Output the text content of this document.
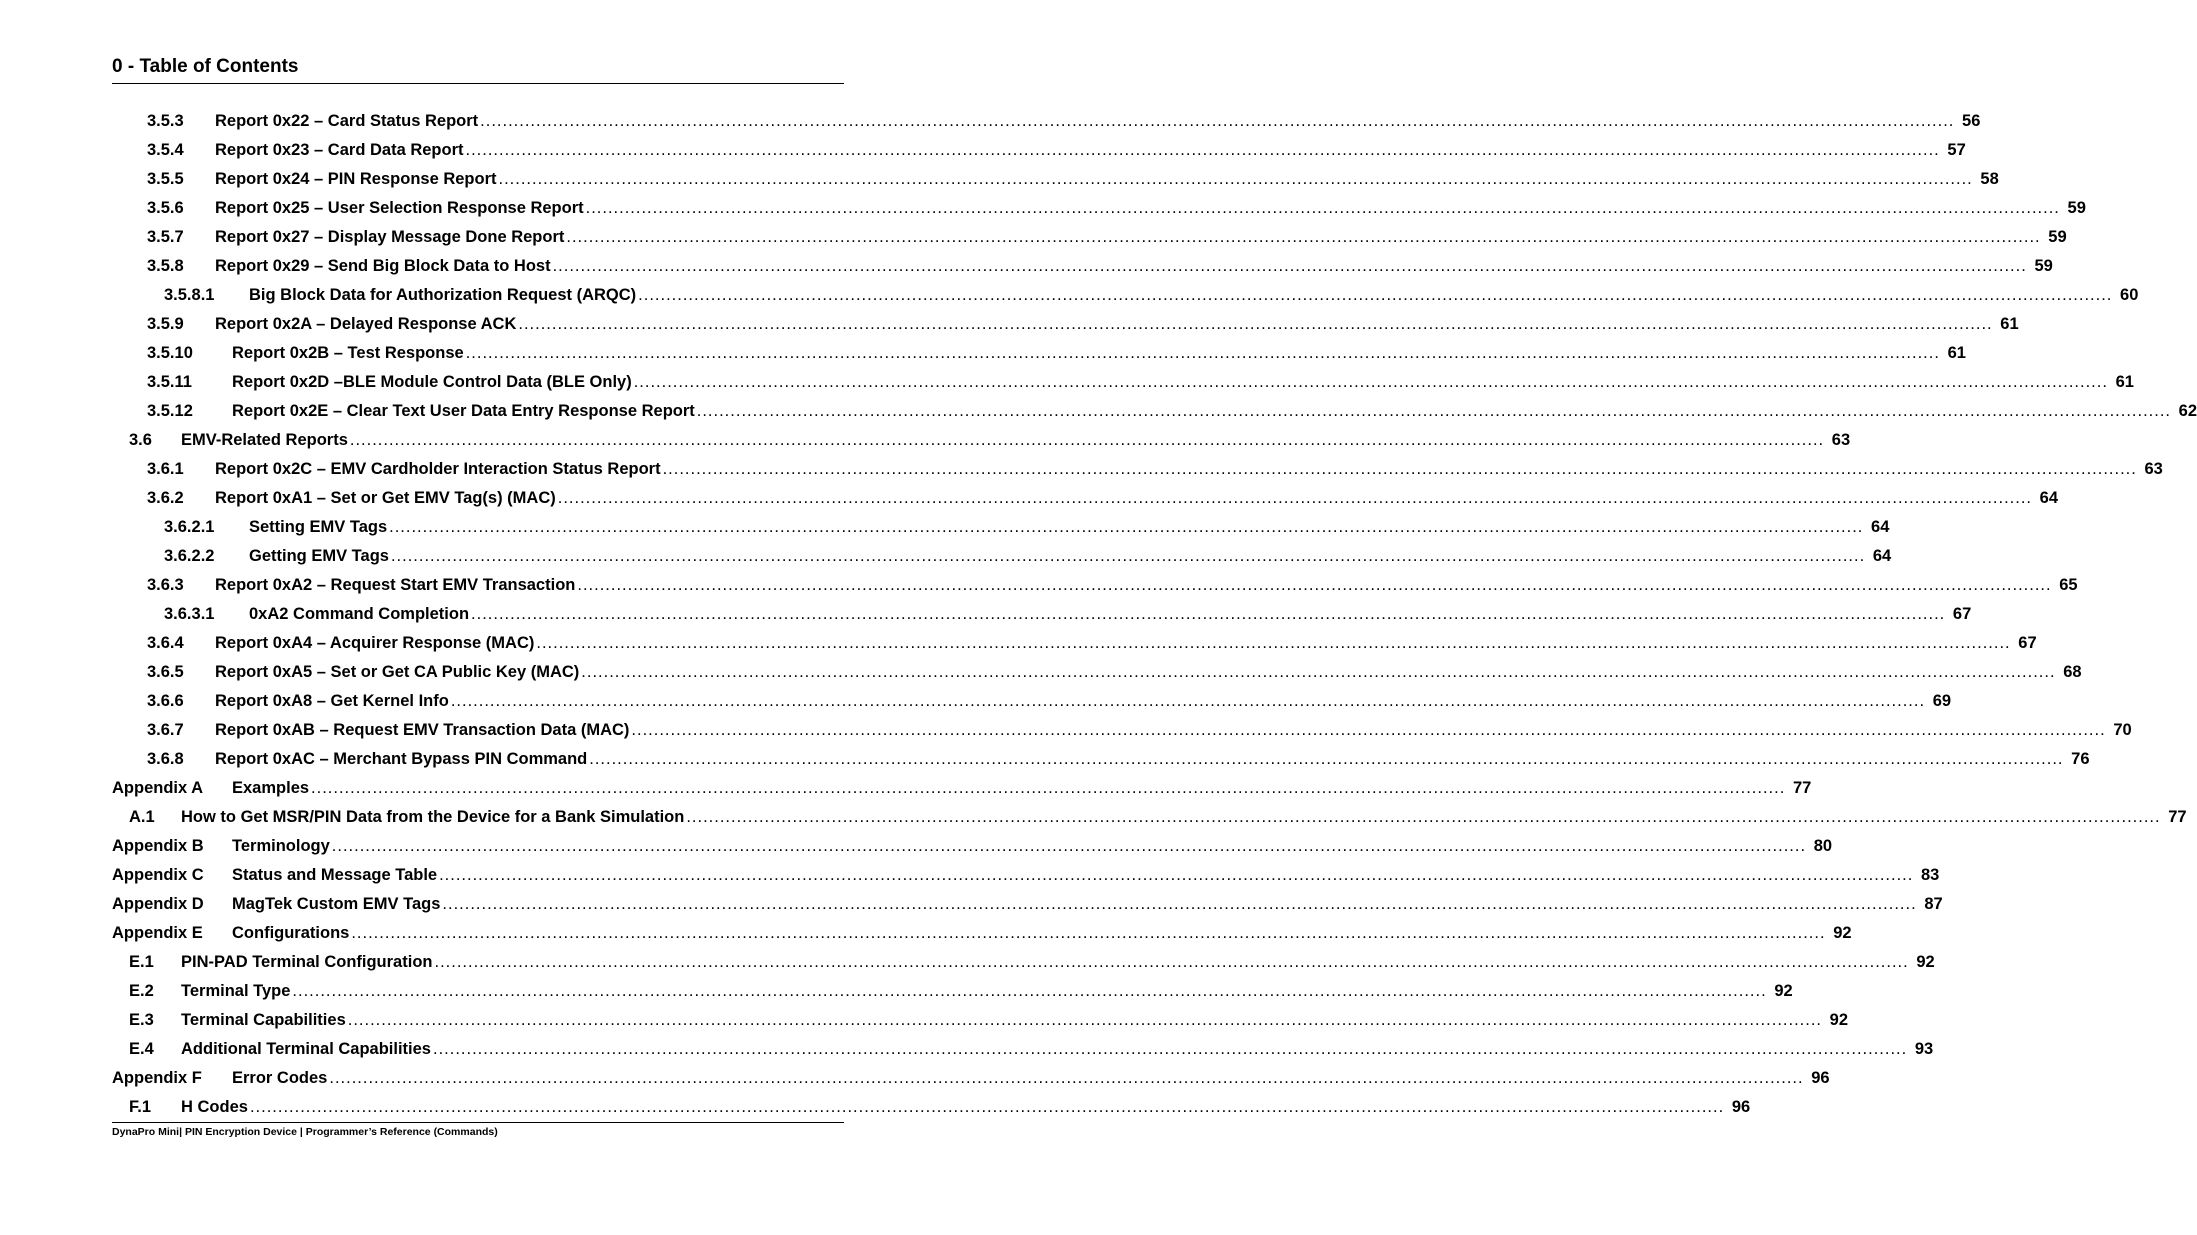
0 - Table of Contents
3.5.3	Report 0x22 – Card Status Report .....	56
3.5.4	Report 0x23 – Card Data Report .....	57
3.5.5	Report 0x24 – PIN Response Report .....	58
3.5.6	Report 0x25 – User Selection Response Report .....	59
3.5.7	Report 0x27 – Display Message Done Report .....	59
3.5.8	Report 0x29 – Send Big Block Data to Host .....	59
3.5.8.1	Big Block Data for Authorization Request (ARQC) .....	60
3.5.9	Report 0x2A – Delayed Response ACK .....	61
3.5.10	Report 0x2B – Test Response .....	61
3.5.11	Report 0x2D –BLE Module Control Data (BLE Only) .....	61
3.5.12	Report 0x2E – Clear Text User Data Entry Response Report .....	62
3.6	EMV-Related Reports .....	63
3.6.1	Report 0x2C – EMV Cardholder Interaction Status Report .....	63
3.6.2	Report 0xA1 – Set or Get EMV Tag(s) (MAC) .....	64
3.6.2.1	Setting EMV Tags .....	64
3.6.2.2	Getting EMV Tags .....	64
3.6.3	Report 0xA2 – Request Start EMV Transaction .....	65
3.6.3.1	0xA2 Command Completion .....	67
3.6.4	Report 0xA4 – Acquirer Response (MAC) .....	67
3.6.5	Report 0xA5 – Set or Get CA Public Key (MAC) .....	68
3.6.6	Report 0xA8 – Get Kernel Info .....	69
3.6.7	Report 0xAB – Request EMV Transaction Data (MAC) .....	70
3.6.8	Report 0xAC – Merchant Bypass PIN Command .....	76
Appendix A	Examples .....	77
A.1	How to Get MSR/PIN Data from the Device for a Bank Simulation .....	77
Appendix B	Terminology .....	80
Appendix C	Status and Message Table .....	83
Appendix D	MagTek Custom EMV Tags .....	87
Appendix E	Configurations .....	92
E.1	PIN-PAD Terminal Configuration .....	92
E.2	Terminal Type .....	92
E.3	Terminal Capabilities .....	92
E.4	Additional Terminal Capabilities .....	93
Appendix F	Error Codes .....	96
F.1	H Codes .....	96
DynaPro Mini| PIN Encryption Device | Programmer’s Reference (Commands)
